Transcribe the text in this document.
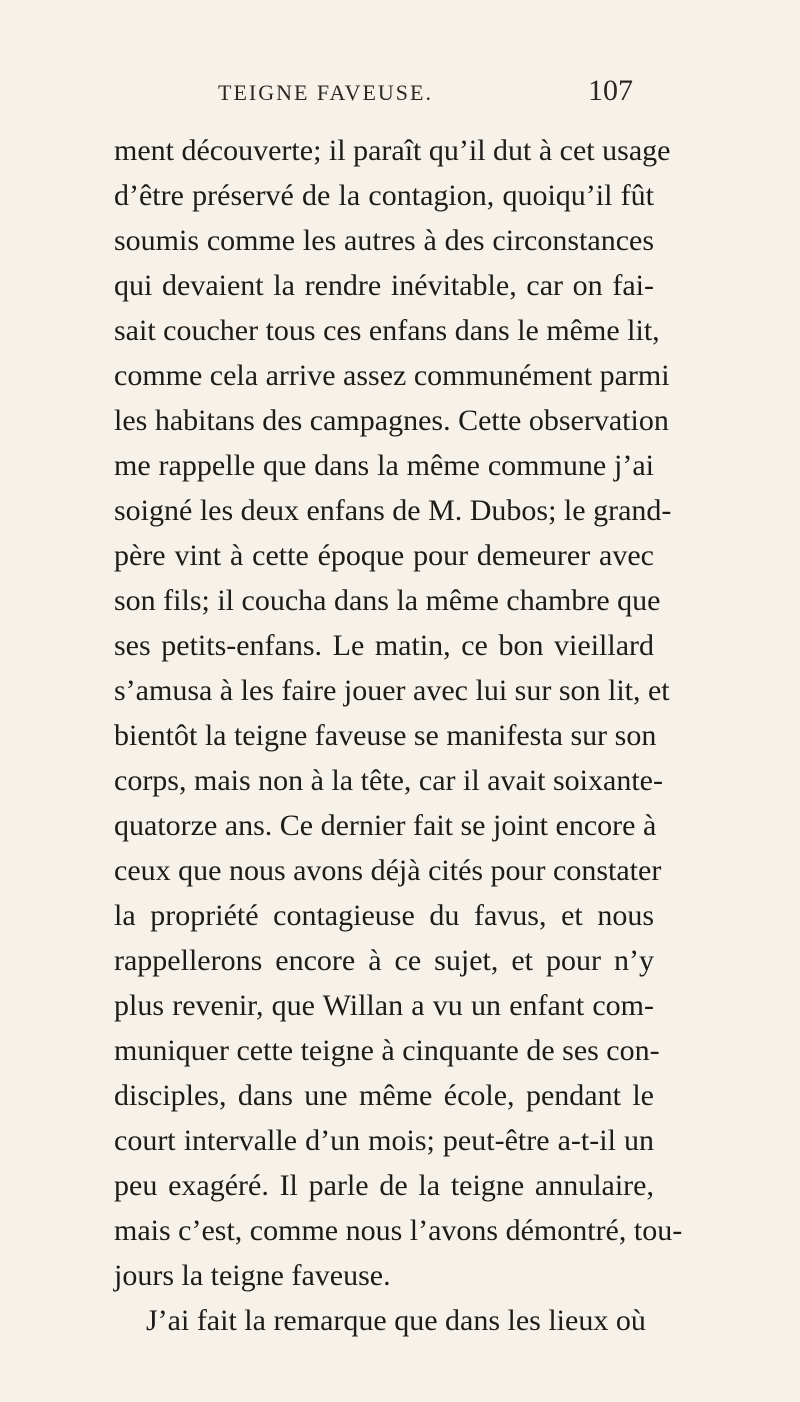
TEIGNE FAVEUSE.	107
ment découverte; il paraît qu’il dut à cet usage
d’être préservé de la contagion, quoiqu’il fût
soumis comme les autres à des circonstances
qui devaient la rendre inévitable, car on fai-
sait coucher tous ces enfans dans le même lit,
comme cela arrive assez communément parmi
les habitans des campagnes. Cette observation
me rappelle que dans la même commune j’ai
soigné les deux enfans de M. Dubos; le grand-
père vint à cette époque pour demeurer avec
son fils; il coucha dans la même chambre que
ses petits-enfans. Le matin, ce bon vieillard
s’amusa à les faire jouer avec lui sur son lit, et
bientôt la teigne faveuse se manifesta sur son
corps, mais non à la tête, car il avait soixante-
quatorze ans. Ce dernier fait se joint encore à
ceux que nous avons déjà cités pour constater
la propriété contagieuse du favus, et nous
rappellerons encore à ce sujet, et pour n’y
plus revenir, que Willan a vu un enfant com-
muniquer cette teigne à cinquante de ses con-
disciples, dans une même école, pendant le
court intervalle d’un mois; peut-être a-t-il un
peu exagéré. Il parle de la teigne annulaire,
mais c’est, comme nous l’avons démontré, tou-
jours la teigne faveuse.
J’ai fait la remarque que dans les lieux où
